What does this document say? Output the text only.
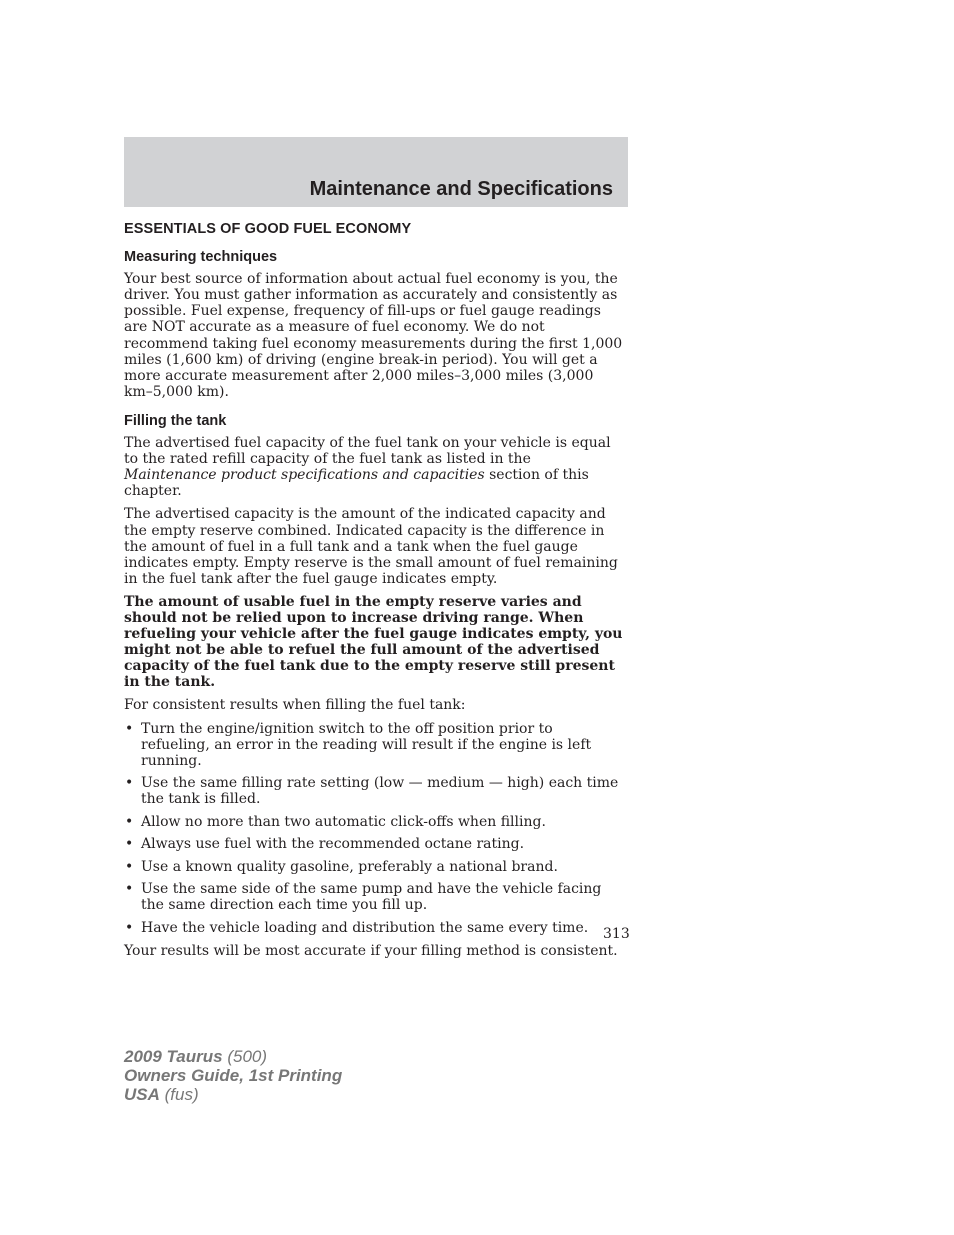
Maintenance and Specifications
ESSENTIALS OF GOOD FUEL ECONOMY
Measuring techniques

Your best source of information about actual fuel economy is you, the driver. You must gather information as accurately and consistently as possible. Fuel expense, frequency of fill-ups or fuel gauge readings are NOT accurate as a measure of fuel economy. We do not recommend taking fuel economy measurements during the first 1,000 miles (1,600 km) of driving (engine break-in period). You will get a more accurate measurement after 2,000 miles–3,000 miles (3,000 km–5,000 km).

Filling the tank

The advertised fuel capacity of the fuel tank on your vehicle is equal to the rated refill capacity of the fuel tank as listed in the Maintenance product specifications and capacities section of this chapter.

The advertised capacity is the amount of the indicated capacity and the empty reserve combined. Indicated capacity is the difference in the amount of fuel in a full tank and a tank when the fuel gauge indicates empty. Empty reserve is the small amount of fuel remaining in the fuel tank after the fuel gauge indicates empty.

The amount of usable fuel in the empty reserve varies and should not be relied upon to increase driving range. When refueling your vehicle after the fuel gauge indicates empty, you might not be able to refuel the full amount of the advertised capacity of the fuel tank due to the empty reserve still present in the tank.

For consistent results when filling the fuel tank:

• Turn the engine/ignition switch to the off position prior to refueling, an error in the reading will result if the engine is left running.
• Use the same filling rate setting (low — medium — high) each time the tank is filled.
• Allow no more than two automatic click-offs when filling.
• Always use fuel with the recommended octane rating.
• Use a known quality gasoline, preferably a national brand.
• Use the same side of the same pump and have the vehicle facing the same direction each time you fill up.
• Have the vehicle loading and distribution the same every time.

Your results will be most accurate if your filling method is consistent.

313
2009 Taurus (500)
Owners Guide, 1st Printing
USA (fus)
